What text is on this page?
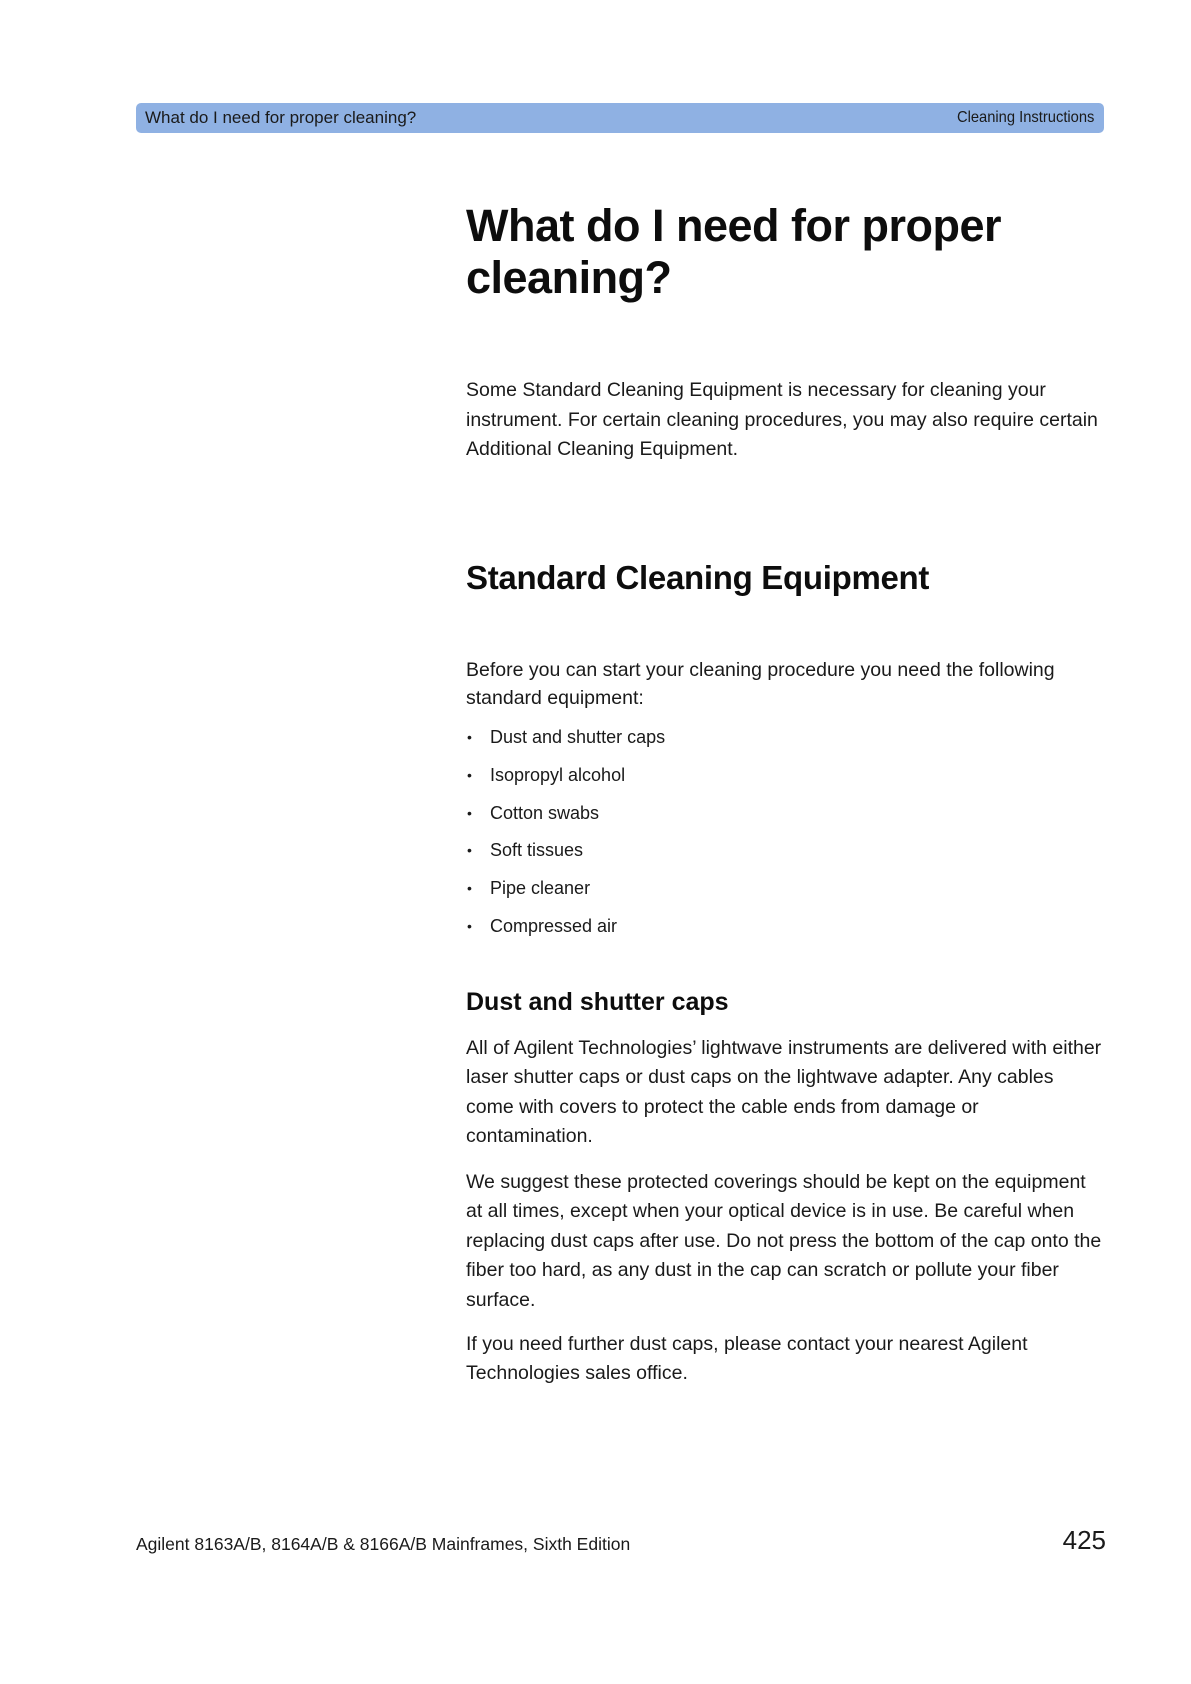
What do I need for proper cleaning?	Cleaning Instructions
What do I need for proper cleaning?

Some Standard Cleaning Equipment is necessary for cleaning your instrument. For certain cleaning procedures, you may also require certain Additional Cleaning Equipment.

Standard Cleaning Equipment

Before you can start your cleaning procedure you need the following standard equipment:

• Dust and shutter caps
• Isopropyl alcohol
• Cotton swabs
• Soft tissues
• Pipe cleaner
• Compressed air
Dust and shutter caps

All of Agilent Technologies’ lightwave instruments are delivered with either laser shutter caps or dust caps on the lightwave adapter. Any cables come with covers to protect the cable ends from damage or contamination.

We suggest these protected coverings should be kept on the equipment at all times, except when your optical device is in use. Be careful when replacing dust caps after use. Do not press the bottom of the cap onto the fiber too hard, as any dust in the cap can scratch or pollute your fiber surface.

If you need further dust caps, please contact your nearest Agilent Technologies sales office.

Agilent 8163A/B, 8164A/B & 8166A/B Mainframes, Sixth Edition	425
